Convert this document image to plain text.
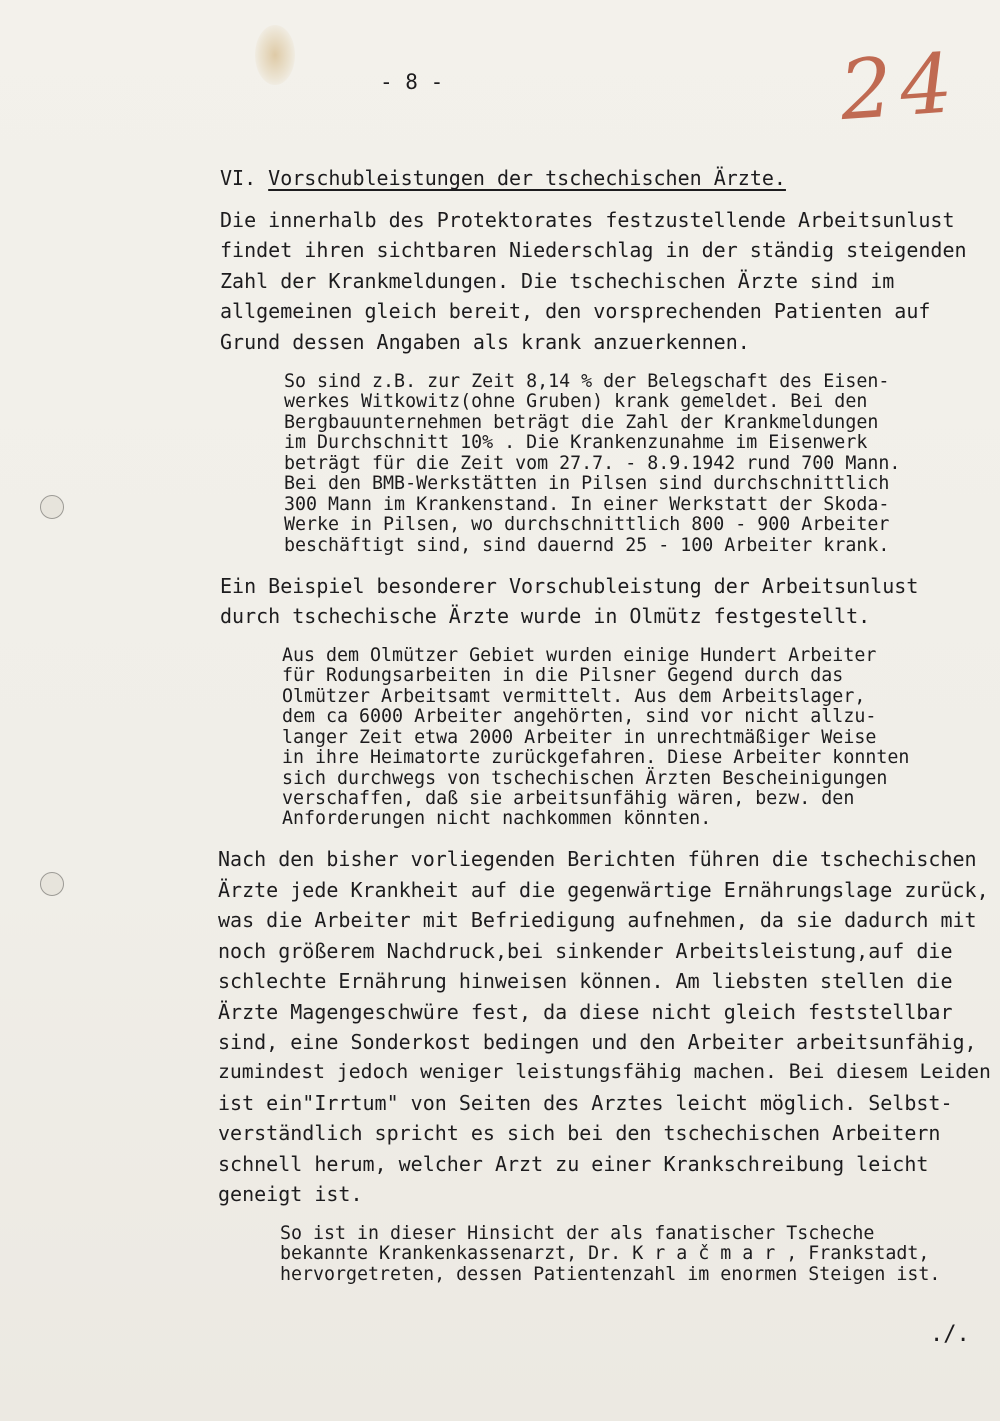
- 8 -	24
VI. Vorschubleistungen der tschechischen Ärzte.
Die innerhalb des Protektorates festzustellende Arbeitsunlust
findet ihren sichtbaren Niederschlag in der ständig steigenden
Zahl der Krankmeldungen. Die tschechischen Ärzte sind im
allgemeinen gleich bereit, den vorsprechenden Patienten auf
Grund dessen Angaben als krank anzuerkennen.
So sind z.B. zur Zeit 8,14 % der Belegschaft des Eisen-
werkes Witkowitz(ohne Gruben) krank gemeldet. Bei den
Bergbauunternehmen beträgt die Zahl der Krankmeldungen
im Durchschnitt 10% . Die Krankenzunahme im Eisenwerk
beträgt für die Zeit vom 27.7. - 8.9.1942 rund 700 Mann.
Bei den BMB-Werkstätten in Pilsen sind durchschnittlich
300 Mann im Krankenstand. In einer Werkstatt der Skoda-
Werke in Pilsen, wo durchschnittlich 800 - 900 Arbeiter
beschäftigt sind, sind dauernd 25 - 100 Arbeiter krank.
Ein Beispiel besonderer Vorschubleistung der Arbeitsunlust
durch tschechische Ärzte wurde in Olmütz festgestellt.
Aus dem Olmützer Gebiet wurden einige Hundert Arbeiter
für Rodungsarbeiten in die Pilsner Gegend durch das
Olmützer Arbeitsamt vermittelt. Aus dem Arbeitslager,
dem ca 6000 Arbeiter angehörten, sind vor nicht allzu-
langer Zeit etwa 2000 Arbeiter in unrechtmäßiger Weise
in ihre Heimatorte zurückgefahren. Diese Arbeiter konnten
sich durchwegs von tschechischen Ärzten Bescheinigungen
verschaffen, daß sie arbeitsunfähig wären, bezw. den
Anforderungen nicht nachkommen könnten.
Nach den bisher vorliegenden Berichten führen die tschechischen
Ärzte jede Krankheit auf die gegenwärtige Ernährungslage zurück,
was die Arbeiter mit Befriedigung aufnehmen, da sie dadurch mit
noch größerem Nachdruck,bei sinkender Arbeitsleistung,auf die
schlechte Ernährung hinweisen können. Am liebsten stellen die
Ärzte Magengeschwüre fest, da diese nicht gleich feststellbar
sind, eine Sonderkost bedingen und den Arbeiter arbeitsunfähig,
zumindest jedoch weniger leistungsfähig machen. Bei diesem Leiden
ist ein"Irrtum" von Seiten des Arztes leicht möglich. Selbst-
verständlich spricht es sich bei den tschechischen Arbeitern
schnell herum, welcher Arzt zu einer Krankschreibung leicht
geneigt ist.
So ist in dieser Hinsicht der als fanatischer Tscheche
bekannte Krankenkassenarzt, Dr. K r a č m a r , Frankstadt,
hervorgetreten, dessen Patientenzahl im enormen Steigen ist.
./.
